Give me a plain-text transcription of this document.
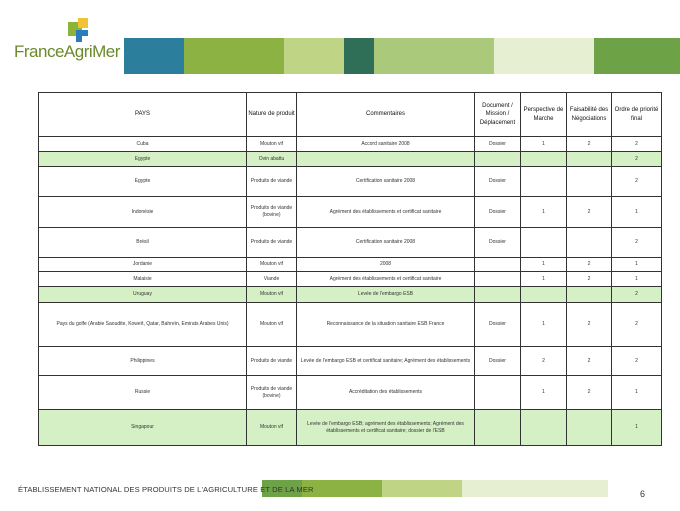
FranceAgriMer
PAYS	Nature de produit	Commentaires	Document / Mission / Déplacement	Perspective de Marche	Faisabilité des Négociations	Ordre de priorité final
Cuba	Mouton vif	Accord sanitaire 2008	Dossier	1	2	2
Egypte	Ovin abattu					2
Egypte	Produits de viande	Certification sanitaire 2008	Dossier			2
Indonésie	Produits de viande (bovine)	Agrément des établissements et certificat sanitaire	Dossier	1	2	1
Brésil	Produits de viande	Certification sanitaire 2008	Dossier			2
Jordanie	Mouton vif	2008		1	2	1
Malaisie	Viande	Agrément des établissements et certificat sanitaire		1	2	1
Uruguay	Mouton vif	Levée de l'embargo ESB				2
Pays du golfe (Arabie Saoudite, Koweït, Qatar, Bahreïn, Emirats Arabes Unis)	Mouton vif	Reconnaissance de la situation sanitaire ESB France	Dossier	1	2	2
Philippines	Produits de viande	Levée de l'embargo ESB et certificat sanitaire; Agrément des établissements	Dossier	2	2	2
Russie	Produits de viande (bovine)	Accréditation des établissements		1	2	1
Singapour	Mouton vif	Levée de l'embargo ESB; agrément des établissements; Agrément des établissements et certificat sanitaire; dossier de l'ESB				1
ÉTABLISSEMENT NATIONAL DES PRODUITS DE L'AGRICULTURE ET DE LA MER	6
